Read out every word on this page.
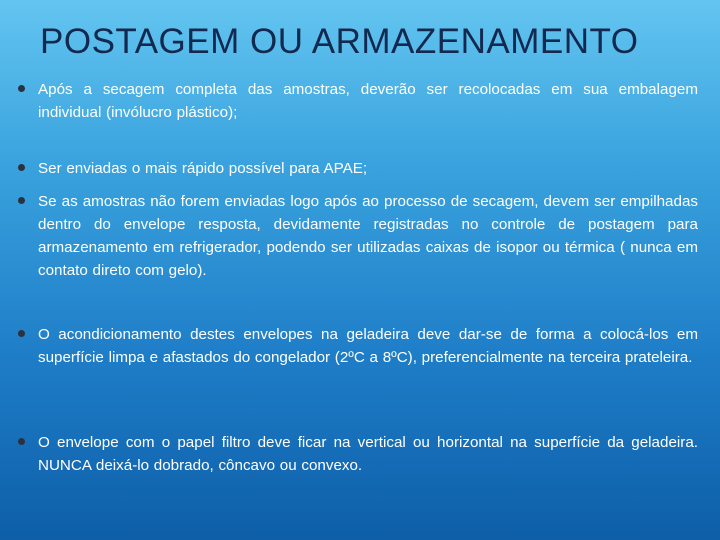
POSTAGEM OU ARMAZENAMENTO
Após a secagem completa das amostras, deverão ser recolocadas em sua embalagem individual (invólucro plástico);
Ser enviadas o mais rápido possível para APAE;
Se as amostras não forem enviadas logo após ao processo de secagem, devem ser empilhadas dentro do envelope resposta, devidamente registradas no controle de postagem para armazenamento em refrigerador, podendo ser utilizadas caixas de isopor ou térmica ( nunca em contato direto com gelo).
O acondicionamento destes envelopes na geladeira deve dar-se de forma a colocá-los em superfície limpa e afastados do congelador (2ºC a 8ºC), preferencialmente na terceira prateleira.
O envelope com o papel filtro deve ficar na vertical ou horizontal na superfície da geladeira. NUNCA deixá-lo dobrado, côncavo ou convexo.
